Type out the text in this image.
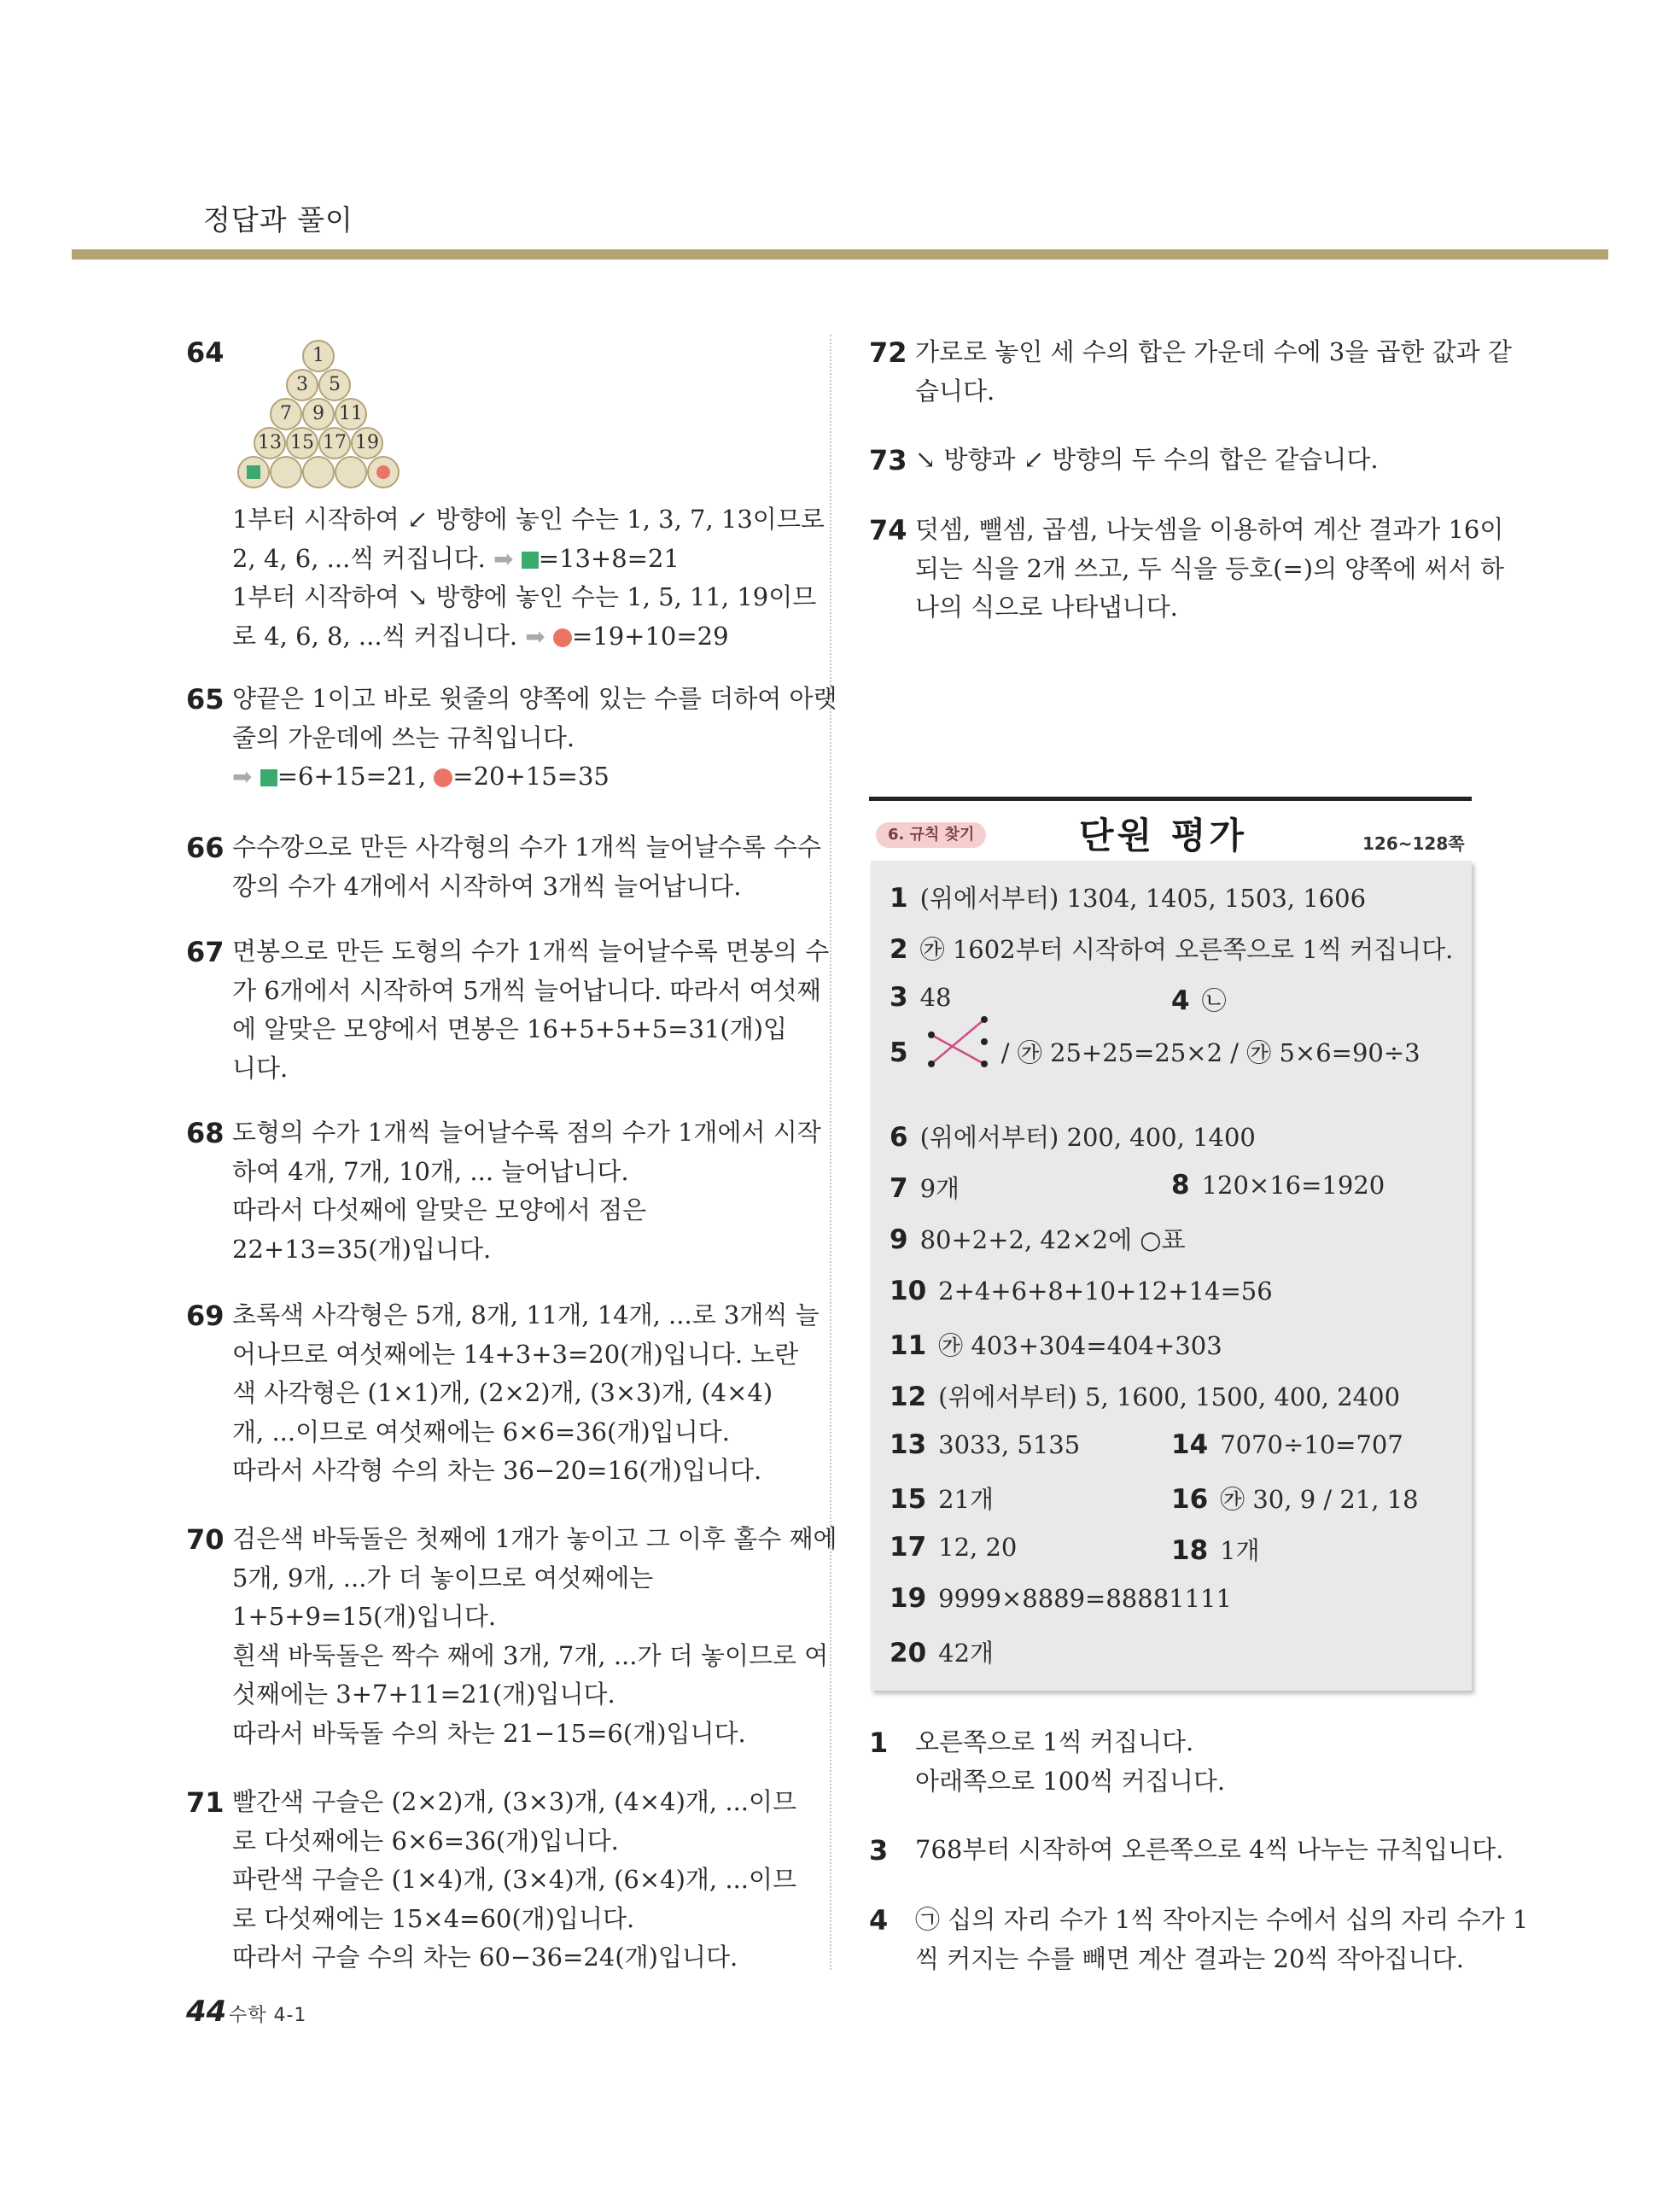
정답과 풀이
64	1
3	5
7	9 11
13 15 17 19
1부터 시작하여 ↙ 방향에 놓인 수는 1, 3, 7, 13이므로
2, 4, 6, ...씩 커집니다. ➡ =13+8=21
1부터 시작하여 ↘ 방향에 놓인 수는 1, 5, 11, 19이므
로 4, 6, 8, ...씩 커집니다. ➡ =19+10=29
65 양끝은 1이고 바로 윗줄의 양쪽에 있는 수를 더하여 아랫
줄의 가운데에 쓰는 규칙입니다.
➡ =6+15=21, =20+15=35
66 수수깡으로 만든 사각형의 수가 1개씩 늘어날수록 수수
깡의 수가 4개에서 시작하여 3개씩 늘어납니다.
67 면봉으로 만든 도형의 수가 1개씩 늘어날수록 면봉의 수
가 6개에서 시작하여 5개씩 늘어납니다. 따라서 여섯째
에 알맞은 모양에서 면봉은 16+5+5+5=31(개)입
니다.
68 도형의 수가 1개씩 늘어날수록 점의 수가 1개에서 시작
하여 4개, 7개, 10개, ... 늘어납니다.
따라서 다섯째에 알맞은 모양에서 점은
22+13=35(개)입니다.
69 초록색 사각형은 5개, 8개, 11개, 14개, ...로 3개씩 늘
어나므로 여섯째에는 14+3+3=20(개)입니다. 노란
색 사각형은 (1×1)개, (2×2)개, (3×3)개, (4×4)
개, ...이므로 여섯째에는 6×6=36(개)입니다.
따라서 사각형 수의 차는 36−20=16(개)입니다.
70 검은색 바둑돌은 첫째에 1개가 놓이고 그 이후 홀수 째에
5개, 9개, ...가 더 놓이므로 여섯째에는
1+5+9=15(개)입니다.
흰색 바둑돌은 짝수 째에 3개, 7개, ...가 더 놓이므로 여
섯째에는 3+7+11=21(개)입니다.
따라서 바둑돌 수의 차는 21−15=6(개)입니다.
71 빨간색 구슬은 (2×2)개, (3×3)개, (4×4)개, ...이므
로 다섯째에는 6×6=36(개)입니다.
파란색 구슬은 (1×4)개, (3×4)개, (6×4)개, ...이므
로 다섯째에는 15×4=60(개)입니다.
따라서 구슬 수의 차는 60−36=24(개)입니다.
72 가로로 놓인 세 수의 합은 가운데 수에 3을 곱한 값과 같
습니다.
73 ↘ 방향과 ↙ 방향의 두 수의 합은 같습니다.
74 덧셈, 뺄셈, 곱셈, 나눗셈을 이용하여 계산 결과가 16이
되는 식을 2개 쓰고, 두 식을 등호(=)의 양쪽에 써서 하
나의 식으로 나타냅니다.
6. 규칙 찾기	단원 평가	126~128쪽
1 (위에서부터) 1304, 1405, 1503, 1606
2 ㉮ 1602부터 시작하여 오른쪽으로 1씩 커집니다.
3 48	4 ㉡
5	/ ㉮ 25+25=25×2 / ㉮ 5×6=90÷3
6 (위에서부터) 200, 400, 1400
7 9개	8 120×16=1920
9 80+2+2, 42×2에 ○표
10 2+4+6+8+10+12+14=56
11 ㉮ 403+304=404+303
12 (위에서부터) 5, 1600, 1500, 400, 2400
13 3033, 5135	14 7070÷10=707
15 21개	16 ㉮ 30, 9 / 21, 18
17 12, 20	18 1개
19 9999×8889=88881111
20 42개
1 오른쪽으로 1씩 커집니다.
아래쪽으로 100씩 커집니다.
3 768부터 시작하여 오른쪽으로 4씩 나누는 규칙입니다.
4 ㉠ 십의 자리 수가 1씩 작아지는 수에서 십의 자리 수가 1
씩 커지는 수를 빼면 계산 결과는 20씩 작아집니다.
44 수학 4-1
